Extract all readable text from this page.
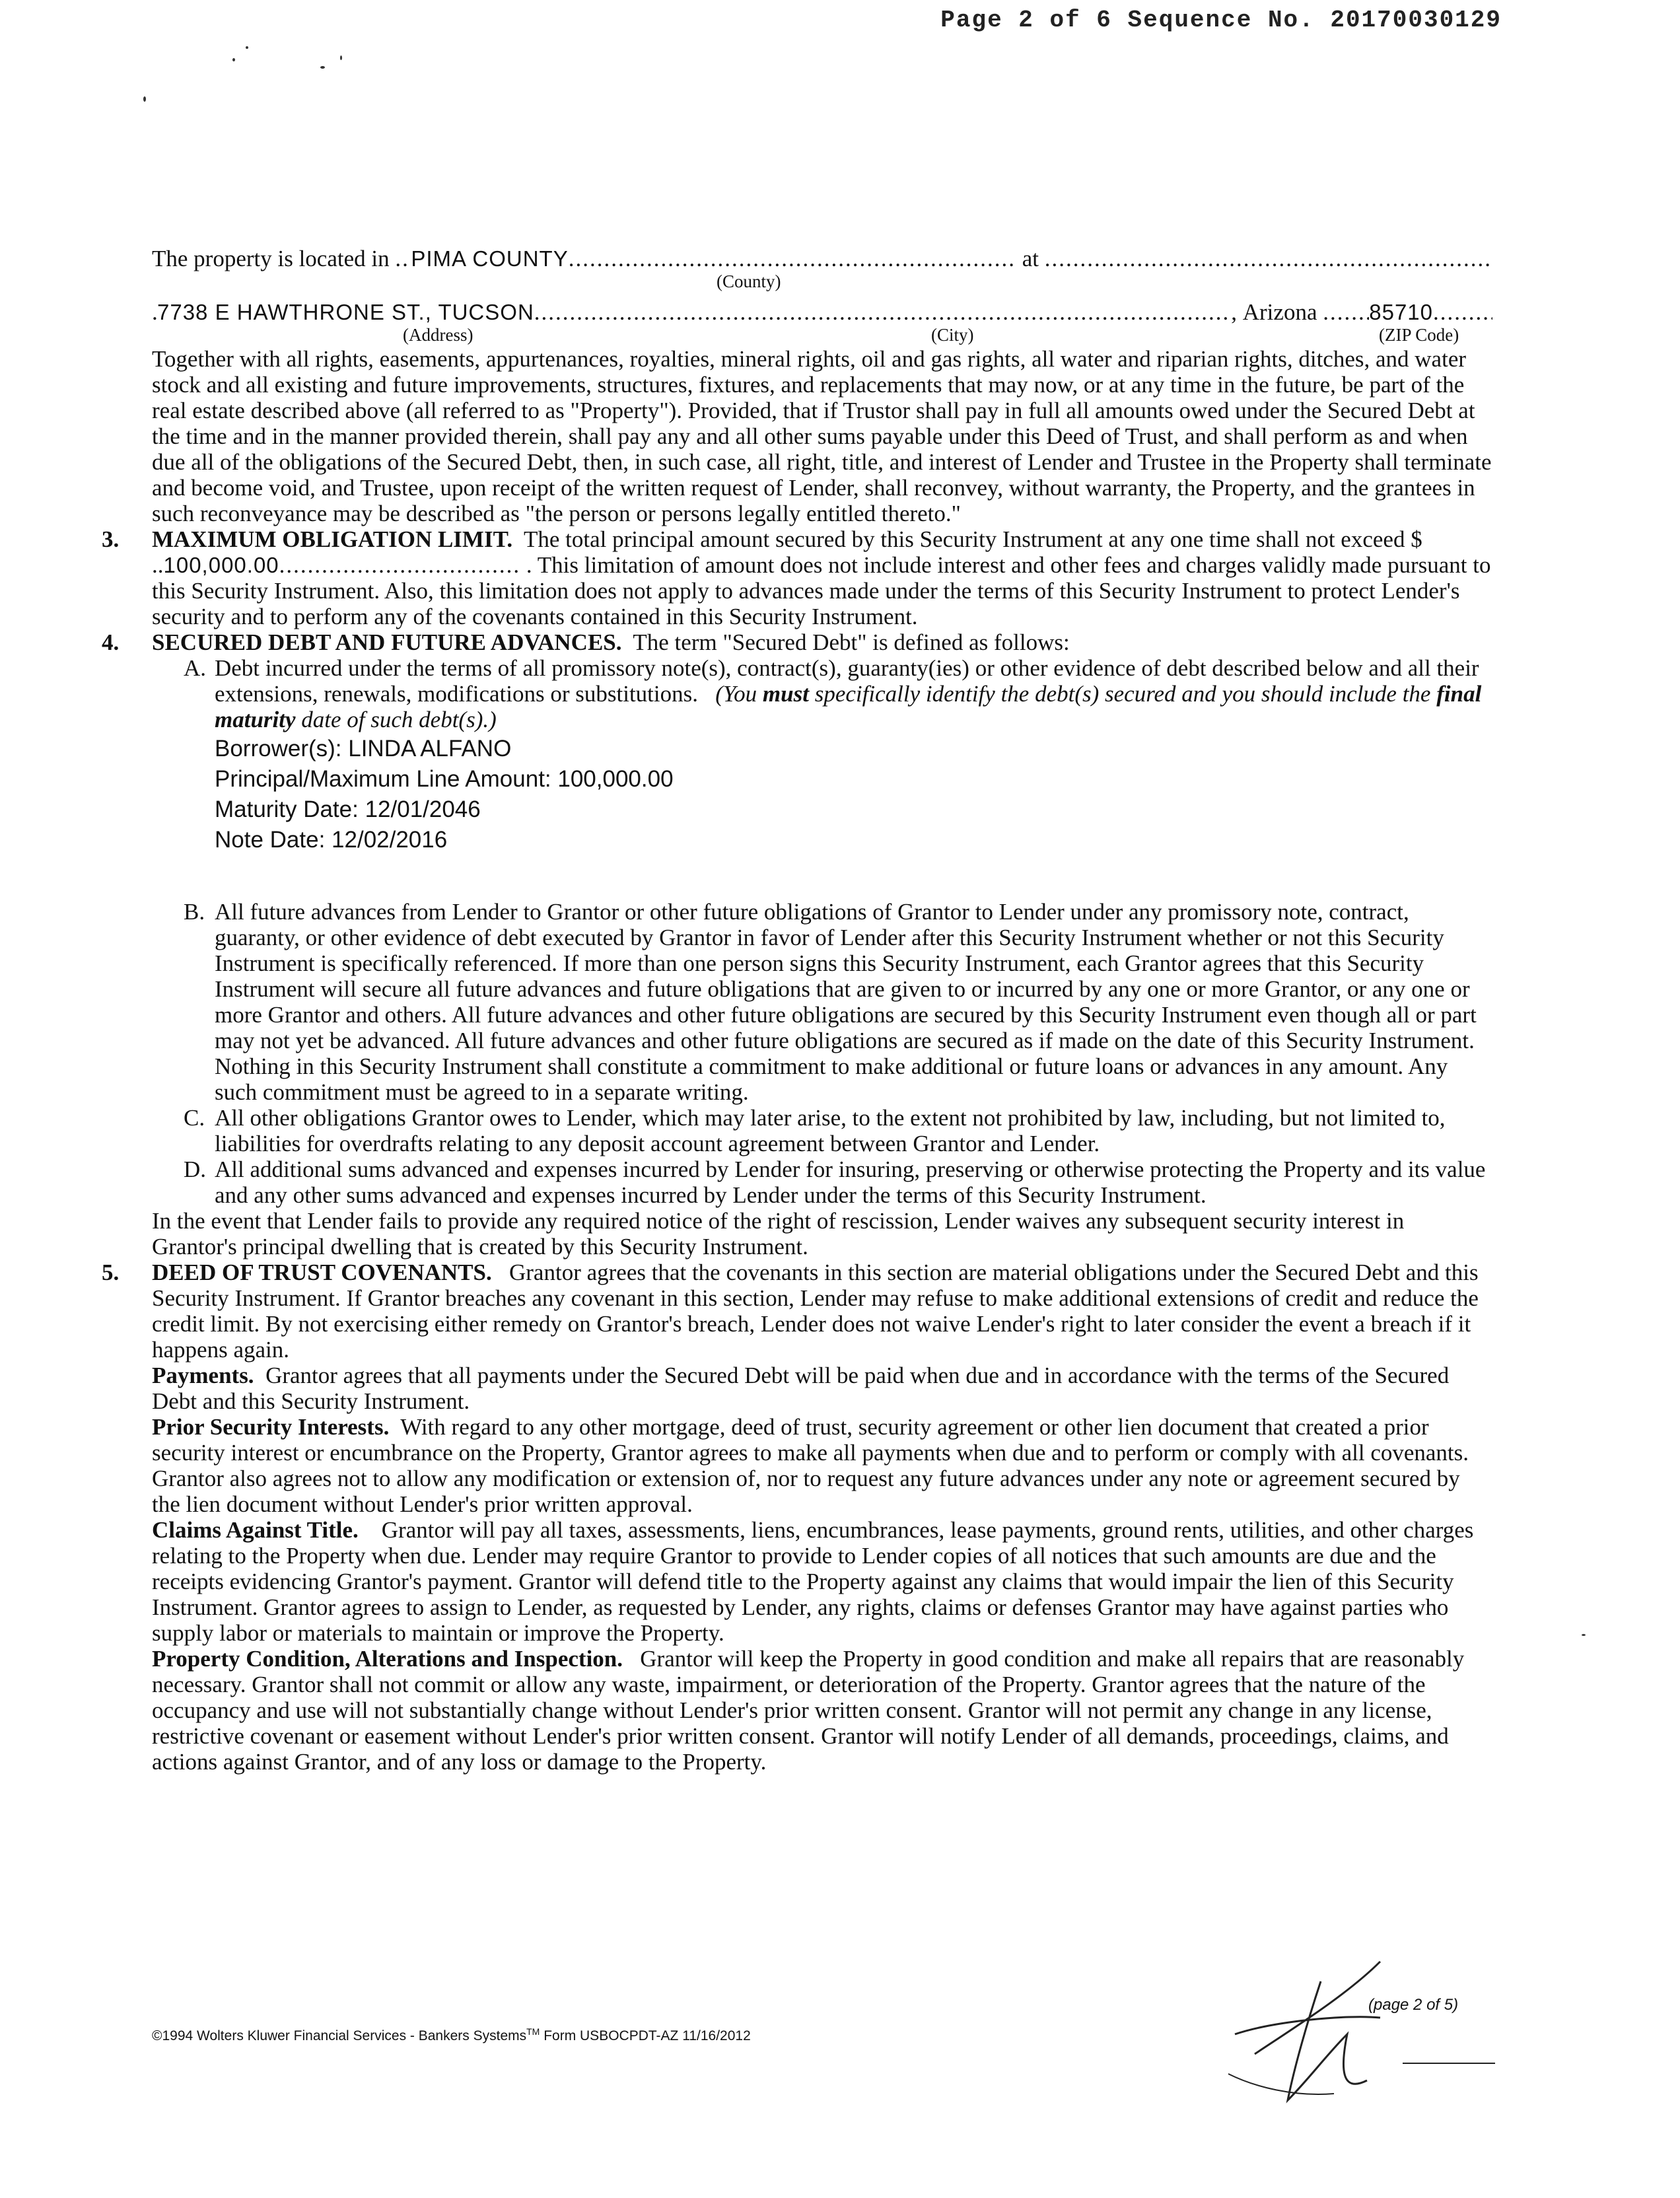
Page 2 of 6 Sequence No. 20170030129
The property is located in
..... PIMA COUNTY .....
	at

.....
(County)
.....
7738 E HAWTHRONE ST., TUCSON .....	, Arizona
..... 85710
.....
(Address)	(City)	(ZIP Code)

Together with all rights, easements, appurtenances, royalties, mineral rights, oil and gas rights, all water and riparian rights, ditches, and water stock and all existing and future improvements, structures, fixtures, and replacements that may now, or at any time in the future, be part of the real estate described above (all referred to as "Property"). Provided, that if Trustor shall pay in full all amounts owed under the Secured Debt at the time and in the manner provided therein, shall pay any and all other sums payable under this Deed of Trust, and shall perform as and when due all of the obligations of the Secured Debt, then, in such case, all right, title, and interest of Lender and Trustee in the Property shall terminate and become void, and Trustee, upon receipt of the written request of Lender, shall reconvey, without warranty, the Property, and the grantees in such reconveyance may be described as "the person or persons legally entitled thereto."

3. MAXIMUM OBLIGATION LIMIT. The total principal amount secured by this Security Instrument at any one time shall not exceed $ ..100,000.00.................................. . This limitation of amount does not include interest and other fees and charges validly made pursuant to this Security Instrument. Also, this limitation does not apply to advances made under the terms of this Security Instrument to protect Lender's security and to perform any of the covenants contained in this Security Instrument.

4. SECURED DEBT AND FUTURE ADVANCES. The term "Secured Debt" is defined as follows:

A. Debt incurred under the terms of all promissory note(s), contract(s), guaranty(ies) or other evidence of debt described below and all their extensions, renewals, modifications or substitutions. (You must specifically identify the debt(s) secured and you should include the final maturity date of such debt(s).)

Borrower(s): LINDA ALFANO
Principal/Maximum Line Amount: 100,000.00
Maturity Date: 12/01/2046
Note Date: 12/02/2016
B. All future advances from Lender to Grantor or other future obligations of Grantor to Lender under any promissory note, contract, guaranty, or other evidence of debt executed by Grantor in favor of Lender after this Security Instrument whether or not this Security Instrument is specifically referenced. If more than one person signs this Security Instrument, each Grantor agrees that this Security Instrument will secure all future advances and future obligations that are given to or incurred by any one or more Grantor, or any one or more Grantor and others. All future advances and other future obligations are secured by this Security Instrument even though all or part may not yet be advanced. All future advances and other future obligations are secured as if made on the date of this Security Instrument. Nothing in this Security Instrument shall constitute a commitment to make additional or future loans or advances in any amount. Any such commitment must be agreed to in a separate writing.

C. All other obligations Grantor owes to Lender, which may later arise, to the extent not prohibited by law, including, but not limited to, liabilities for overdrafts relating to any deposit account agreement between Grantor and Lender.

D. All additional sums advanced and expenses incurred by Lender for insuring, preserving or otherwise protecting the Property and its value and any other sums advanced and expenses incurred by Lender under the terms of this Security Instrument.

In the event that Lender fails to provide any required notice of the right of rescission, Lender waives any subsequent security interest in Grantor's principal dwelling that is created by this Security Instrument.

5. DEED OF TRUST COVENANTS. Grantor agrees that the covenants in this section are material obligations under the Secured Debt and this Security Instrument. If Grantor breaches any covenant in this section, Lender may refuse to make additional extensions of credit and reduce the credit limit. By not exercising either remedy on Grantor's breach, Lender does not waive Lender's right to later consider the event a breach if it happens again.

Payments. Grantor agrees that all payments under the Secured Debt will be paid when due and in accordance with the terms of the Secured Debt and this Security Instrument.

Prior Security Interests. With regard to any other mortgage, deed of trust, security agreement or other lien document that created a prior security interest or encumbrance on the Property, Grantor agrees to make all payments when due and to perform or comply with all covenants. Grantor also agrees not to allow any modification or extension of, nor to request any future advances under any note or agreement secured by the lien document without Lender's prior written approval.

Claims Against Title. Grantor will pay all taxes, assessments, liens, encumbrances, lease payments, ground rents, utilities, and other charges relating to the Property when due. Lender may require Grantor to provide to Lender copies of all notices that such amounts are due and the receipts evidencing Grantor's payment. Grantor will defend title to the Property against any claims that would impair the lien of this Security Instrument. Grantor agrees to assign to Lender, as requested by Lender, any rights, claims or defenses Grantor may have against parties who supply labor or materials to maintain or improve the Property.

Property Condition, Alterations and Inspection. Grantor will keep the Property in good condition and make all repairs that are reasonably necessary. Grantor shall not commit or allow any waste, impairment, or deterioration of the Property. Grantor agrees that the nature of the occupancy and use will not substantially change without Lender's prior written consent. Grantor will not permit any change in any license, restrictive covenant or easement without Lender's prior written consent. Grantor will notify Lender of all demands, proceedings, claims, and actions against Grantor, and of any loss or damage to the Property.

(page 2 of 5)
©1994 Wolters Kluwer Financial Services - Bankers Systems™ Form USBOCPDT-AZ 11/16/2012
